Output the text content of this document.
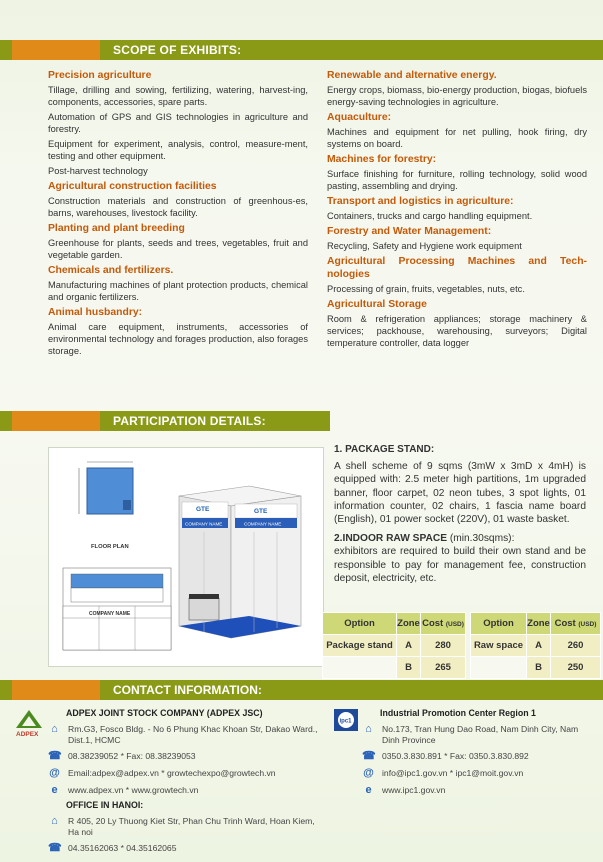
SCOPE OF EXHIBITS:
Precision agriculture

Tillage, drilling and sowing, fertilizing, watering, harvest-ing, components, accessories, spare parts.

Automation of GPS and GIS technologies in agriculture and forestry.

Equipment for experiment, analysis, control, measure-ment, testing and other equipment.

Post-harvest technology

Agricultural construction facilities

Construction materials and construction of greenhous-es, barns, warehouses, livestock facility.

Planting and plant breeding

Greenhouse for plants, seeds and trees, vegetables, fruit and vegetable garden.

Chemicals and fertilizers.

Manufacturing machines of plant protection products, chemical and organic fertilizers.

Animal husbandry:

Animal care equipment, instruments, accessories of environmental technology and forages production, also forages storage.

Renewable and alternative energy.

Energy crops, biomass, bio-energy production, biogas, biofuels energy-saving technologies in agriculture.

Aquaculture:

Machines and equipment for net pulling, hook firing, dry systems on board.

Machines for forestry:

Surface finishing for furniture, rolling technology, solid wood pasting, assembling and drying.

Transport and logistics in agriculture:

Containers, trucks and cargo handling equipment.

Forestry and Water Management:

Recycling, Safety and Hygiene work equipment

Agricultural Processing Machines and Tech-nologies

Processing of grain, fruits, vegetables, nuts, etc.

Agricultural Storage

Room & refrigeration appliances; storage machinery & services; packhouse, warehousing, surveyors; Digital temperature controller, data logger

PARTICIPATION DETAILS:
FLOOR PLAN
COMPANY NAME
GTE
COMPANY NAME
GTE
COMPANY NAME
1. PACKAGE STAND:

A shell scheme of 9 sqms (3mW x 3mD x 4mH) is equipped with: 2.5 meter high partitions, 1m upgraded banner, floor carpet, 02 neon tubes, 3 spot lights, 01 information counter, 02 chairs, 1 fascia name board (English), 01 power socket (220V), 01 waste basket.

2.INDOOR RAW SPACE (min.30sqms):

exhibitors are required to build their own stand and be responsible to pay for management fee, construction deposit, electricity, etc.

Option	Zone	Cost (USD)
Package stand	A	280
	B	265
Option	Zone	Cost (USD)
Raw space	A	260
	B	250
CONTACT INFORMATION:
ADPEX
ADPEX JOINT STOCK COMPANY (ADPEX JSC)
⌂	Rm.G3, Fosco Bldg. - No 6 Phung Khac Khoan Str, Dakao Ward., Dist.1, HCMC
☎ 08.38239052 * Fax: 08.38239053
@ Email:adpex@adpex.vn * growtechexpo@growtech.vn
e	www.adpex.vn * www.growtech.vn
OFFICE IN HANOI:
⌂	R 405, 20 Ly Thuong Kiet Str, Phan Chu Trinh Ward, Hoan Kiem, Ha noi
☎ 04.35162063 * 04.35162065
ipc1
Industrial Promotion Center Region 1
⌂	No.173, Tran Hung Dao Road, Nam Dinh City, Nam Dinh Province
☎ 0350.3.830.891 * Fax: 0350.3.830.892
@ info@ipc1.gov.vn * ipc1@moit.gov.vn
e	www.ipc1.gov.vn
